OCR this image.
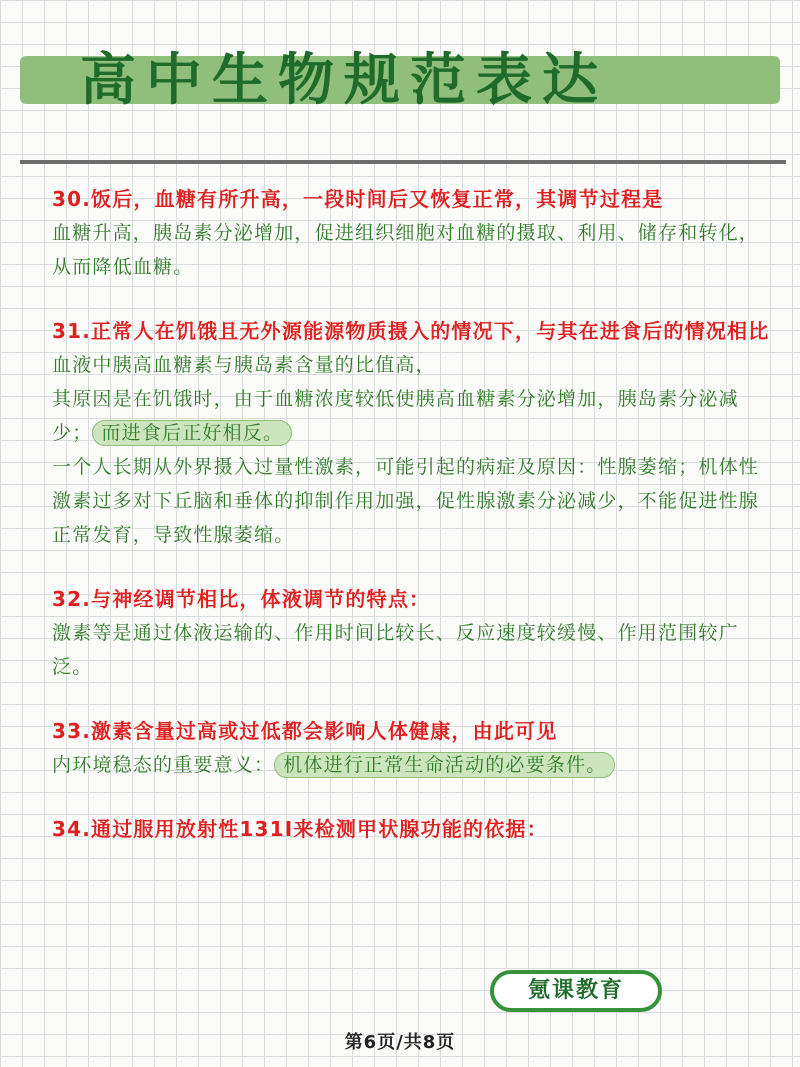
高中生物规范表达

30.饭后，血糖有所升高，一段时间后又恢复正常，其调节过程是

血糖升高，胰岛素分泌增加，促进组织细胞对血糖的摄取、利用、储存和转化，从而降低血糖。

31.正常人在饥饿且无外源能源物质摄入的情况下，与其在进食后的情况相比

血液中胰高血糖素与胰岛素含量的比值高，

其原因是在饥饿时，由于血糖浓度较低使胰高血糖素分泌增加，胰岛素分泌减少； 而进食后正好相反。

一个人长期从外界摄入过量性激素，可能引起的病症及原因：性腺萎缩；机体性激素过多对下丘脑和垂体的抑制作用加强，促性腺激素分泌减少，不能促进性腺正常发育，导致性腺萎缩。

32.与神经调节相比，体液调节的特点：

激素等是通过体液运输的、作用时间比较长、反应速度较缓慢、作用范围较广泛。

33.激素含量过高或过低都会影响人体健康，由此可见

内环境稳态的重要意义： 机体进行正常生命活动的必要条件。

34.通过服用放射性131I来检测甲状腺功能的依据：

氪课教育
第6页/共8页
